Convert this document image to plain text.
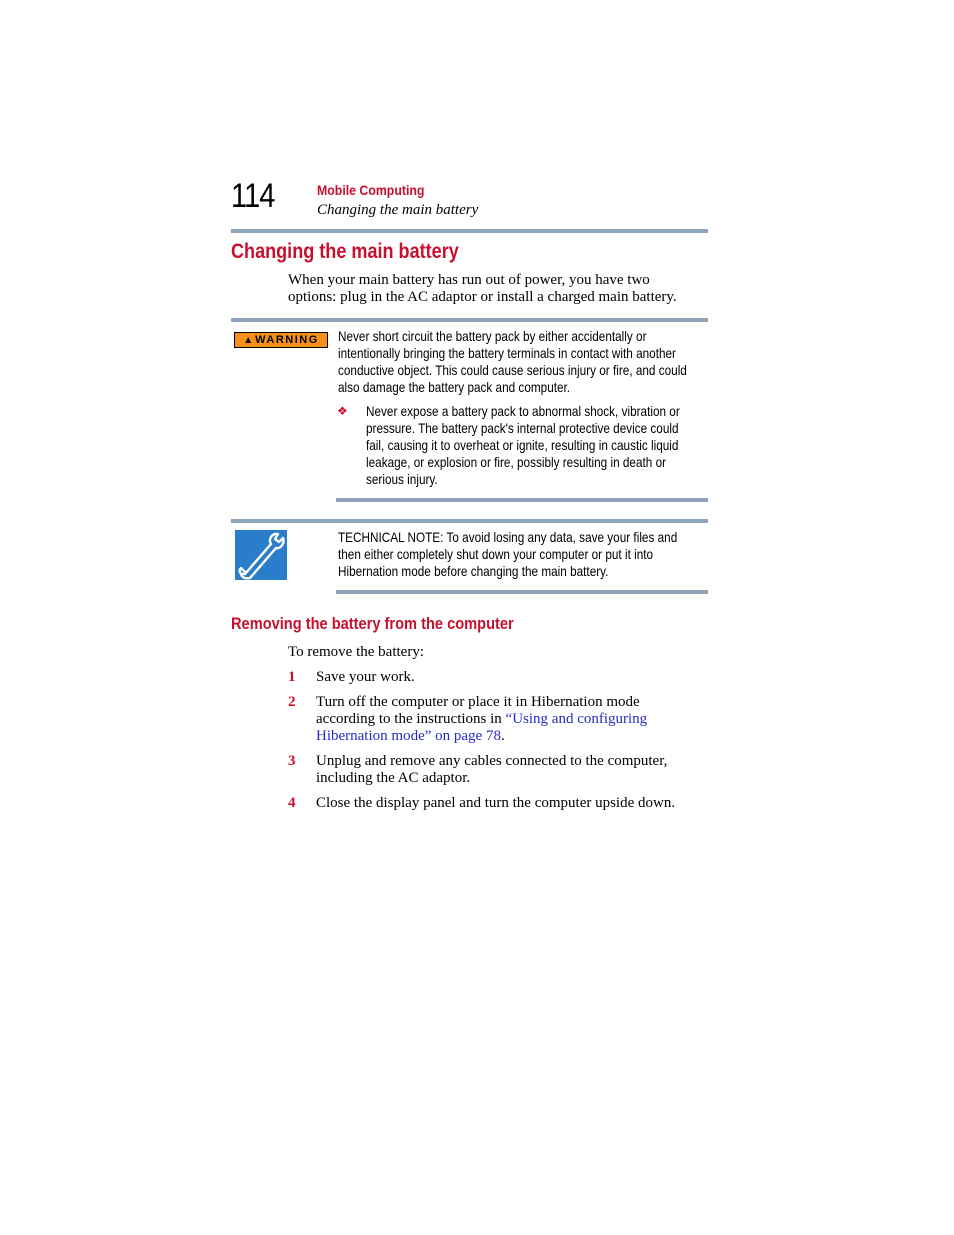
114	Mobile Computing
Changing the main battery
Changing the main battery
When your main battery has run out of power, you have two
options: plug in the AC adaptor or install a charged main battery.
▲ WARNING Never short circuit the battery pack by either accidentally or
intentionally bringing the battery terminals in contact with another
conductive object. This could cause serious injury or fire, and could
also damage the battery pack and computer.
❖ Never expose a battery pack to abnormal shock, vibration or
pressure. The battery pack's internal protective device could
fail, causing it to overheat or ignite, resulting in caustic liquid
leakage, or explosion or fire, possibly resulting in death or
serious injury.
TECHNICAL NOTE: To avoid losing any data, save your files and
then either completely shut down your computer or put it into
Hibernation mode before changing the main battery.
Removing the battery from the computer
To remove the battery:
1 Save your work.
2 Turn off the computer or place it in Hibernation mode
according to the instructions in “Using and configuring
Hibernation mode” on page 78.
3 Unplug and remove any cables connected to the computer,
including the AC adaptor.
4 Close the display panel and turn the computer upside down.
